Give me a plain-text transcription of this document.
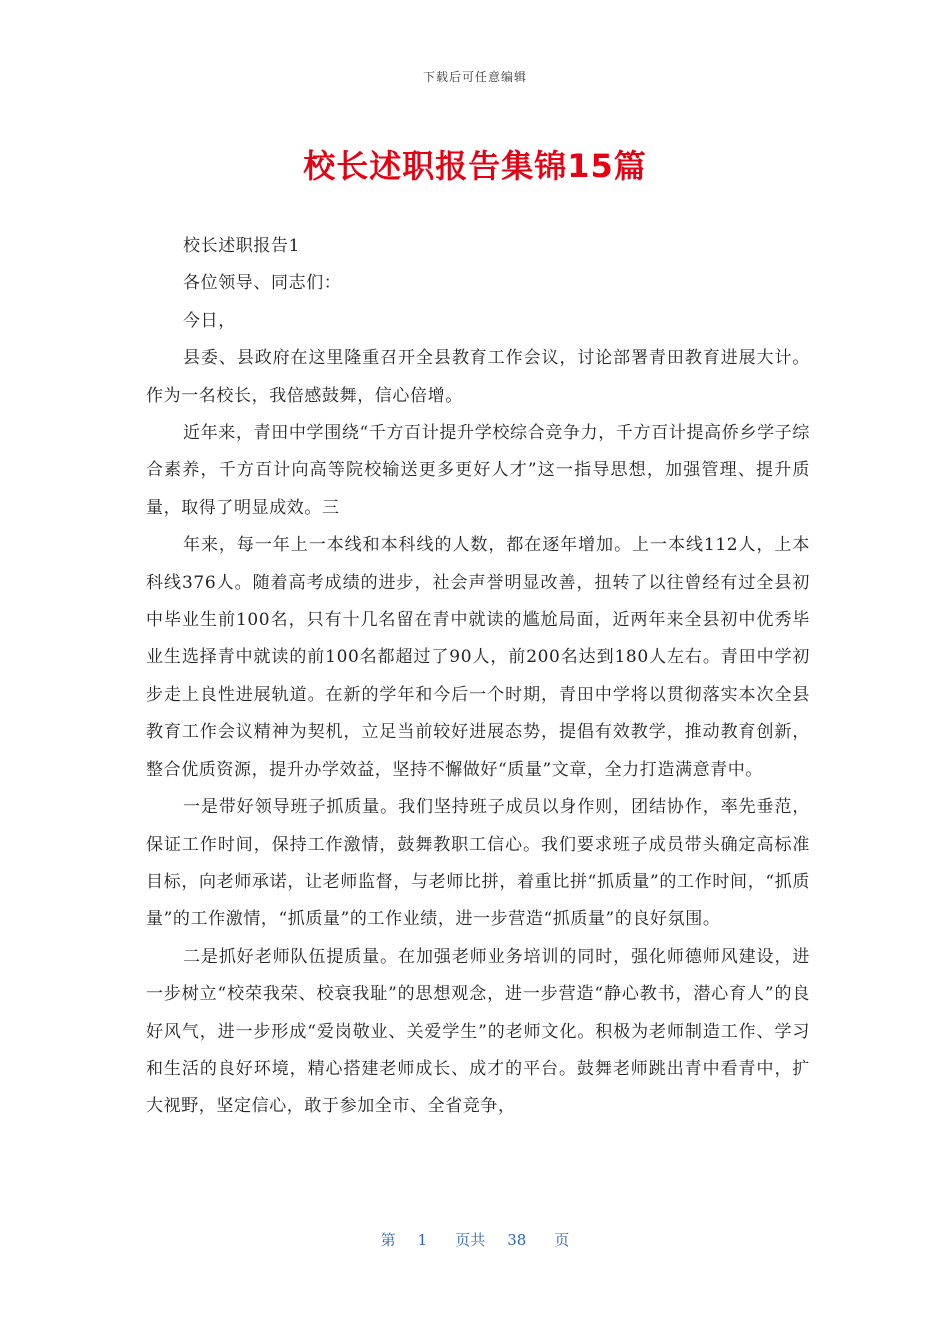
下载后可任意编辑
校长述职报告集锦15篇

校长述职报告1

各位领导、同志们：

今日，

县委、县政府在这里隆重召开全县教育工作会议，讨论部署青田教育进展大计。作为一名校长，我倍感鼓舞，信心倍增。

近年来，青田中学围绕“千方百计提升学校综合竞争力，千方百计提高侨乡学子综合素养，千方百计向高等院校输送更多更好人才”这一指导思想，加强管理、提升质量，取得了明显成效。三

年来，每一年上一本线和本科线的人数，都在逐年增加。上一本线112人，上本科线376人。随着高考成绩的进步，社会声誉明显改善，扭转了以往曾经有过全县初中毕业生前100名，只有十几名留在青中就读的尴尬局面，近两年来全县初中优秀毕业生选择青中就读的前100名都超过了90人，前200名达到180人左右。青田中学初步走上良性进展轨道。在新的学年和今后一个时期，青田中学将以贯彻落实本次全县教育工作会议精神为契机，立足当前较好进展态势，提倡有效教学，推动教育创新，整合优质资源，提升办学效益，坚持不懈做好“质量”文章，全力打造满意青中。

一是带好领导班子抓质量。我们坚持班子成员以身作则，团结协作，率先垂范，保证工作时间，保持工作激情，鼓舞教职工信心。我们要求班子成员带头确定高标准目标，向老师承诺，让老师监督，与老师比拼，着重比拼“抓质量”的工作时间，“抓质量”的工作激情，“抓质量”的工作业绩，进一步营造“抓质量”的良好氛围。

二是抓好老师队伍提质量。在加强老师业务培训的同时，强化师德师风建设，进一步树立“校荣我荣、校衰我耻”的思想观念，进一步营造“静心教书，潜心育人”的良好风气，进一步形成“爱岗敬业、关爱学生”的老师文化。积极为老师制造工作、学习和生活的良好环境，精心搭建老师成长、成才的平台。鼓舞老师跳出青中看青中，扩大视野，坚定信心，敢于参加全市、全省竞争，

第 1 页共 38 页
